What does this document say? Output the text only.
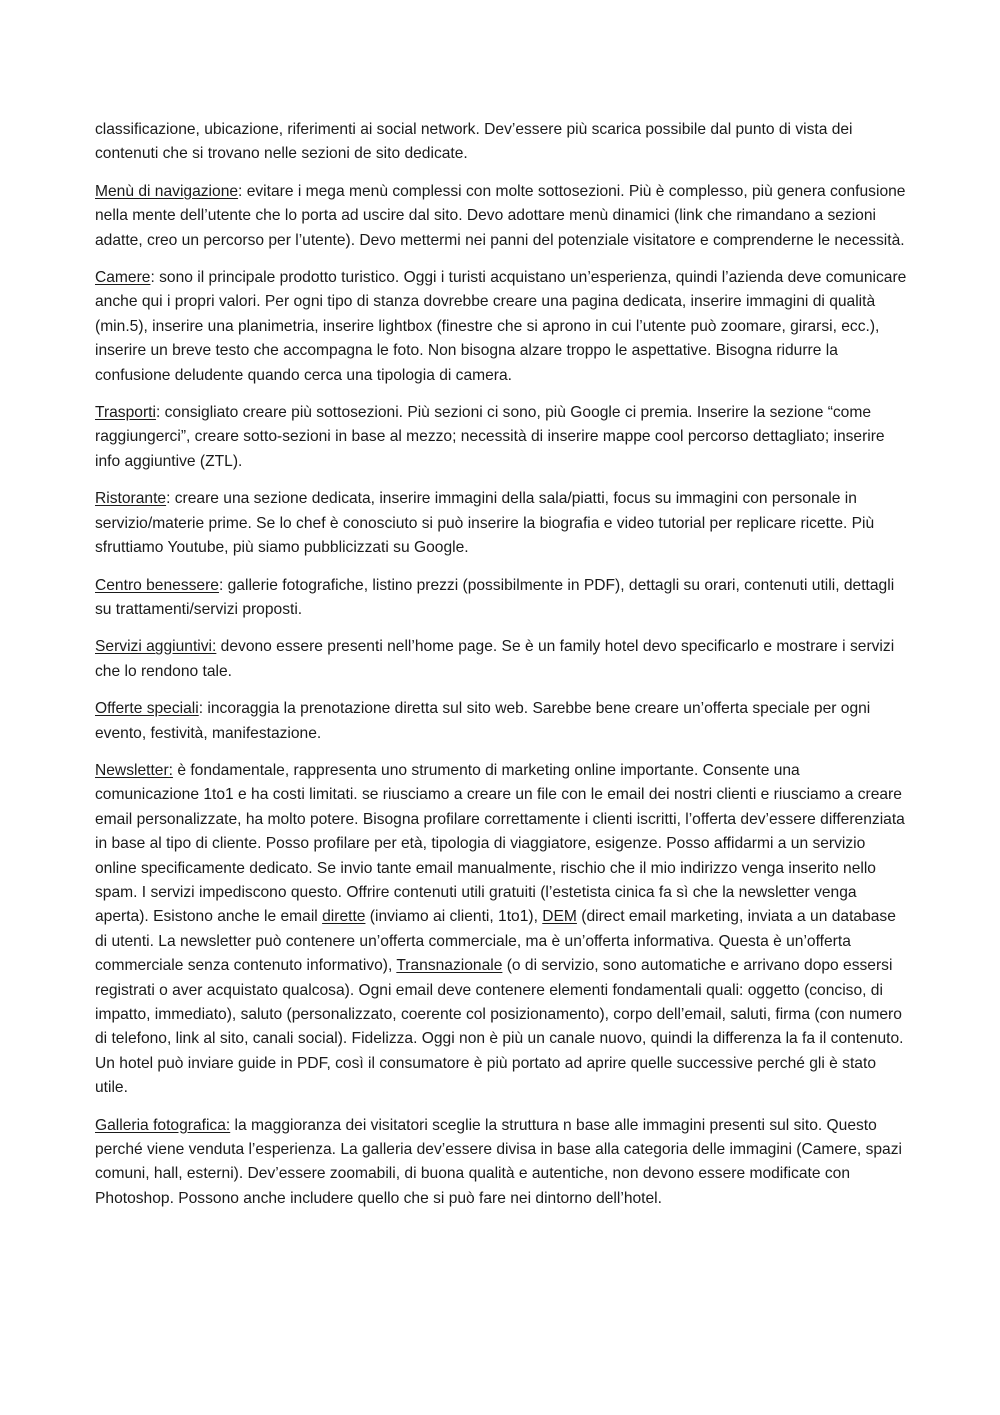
classificazione, ubicazione, riferimenti ai social network. Dev’essere più scarica possibile dal punto di vista dei contenuti che si trovano nelle sezioni de sito dedicate.

Menù di navigazione: evitare i mega menù complessi con molte sottosezioni. Più è complesso, più genera confusione nella mente dell’utente che lo porta ad uscire dal sito. Devo adottare menù dinamici (link che rimandano a sezioni adatte, creo un percorso per l’utente). Devo mettermi nei panni del potenziale visitatore e comprenderne le necessità.

Camere: sono il principale prodotto turistico. Oggi i turisti acquistano un’esperienza, quindi l’azienda deve comunicare anche qui i propri valori. Per ogni tipo di stanza dovrebbe creare una pagina dedicata, inserire immagini di qualità (min.5), inserire una planimetria, inserire lightbox (finestre che si aprono in cui l’utente può zoomare, girarsi, ecc.), inserire un breve testo che accompagna le foto. Non bisogna alzare troppo le aspettative. Bisogna ridurre la confusione deludente quando cerca una tipologia di camera.

Trasporti: consigliato creare più sottosezioni. Più sezioni ci sono, più Google ci premia. Inserire la sezione “come raggiungerci”, creare sotto-sezioni in base al mezzo; necessità di inserire mappe cool percorso dettagliato; inserire info aggiuntive (ZTL).

Ristorante: creare una sezione dedicata, inserire immagini della sala/piatti, focus su immagini con personale in servizio/materie prime. Se lo chef è conosciuto si può inserire la biografia e video tutorial per replicare ricette. Più sfruttiamo Youtube, più siamo pubblicizzati su Google.

Centro benessere: gallerie fotografiche, listino prezzi (possibilmente in PDF), dettagli su orari, contenuti utili, dettagli su trattamenti/servizi proposti.

Servizi aggiuntivi: devono essere presenti nell’home page. Se è un family hotel devo specificarlo e mostrare i servizi che lo rendono tale.

Offerte speciali: incoraggia la prenotazione diretta sul sito web. Sarebbe bene creare un’offerta speciale per ogni evento, festività, manifestazione.

Newsletter: è fondamentale, rappresenta uno strumento di marketing online importante. Consente una comunicazione 1to1 e ha costi limitati. se riusciamo a creare un file con le email dei nostri clienti e riusciamo a creare email personalizzate, ha molto potere. Bisogna profilare correttamente i clienti iscritti, l’offerta dev’essere differenziata in base al tipo di cliente. Posso profilare per età, tipologia di viaggiatore, esigenze. Posso affidarmi a un servizio online specificamente dedicato. Se invio tante email manualmente, rischio che il mio indirizzo venga inserito nello spam. I servizi impediscono questo. Offrire contenuti utili gratuiti (l’estetista cinica fa sì che la newsletter venga aperta). Esistono anche le email dirette (inviamo ai clienti, 1to1), DEM (direct email marketing, inviata a un database di utenti. La newsletter può contenere un’offerta commerciale, ma è un’offerta informativa. Questa è un’offerta commerciale senza contenuto informativo), Transnazionale (o di servizio, sono automatiche e arrivano dopo essersi registrati o aver acquistato qualcosa). Ogni email deve contenere elementi fondamentali quali: oggetto (conciso, di impatto, immediato), saluto (personalizzato, coerente col posizionamento), corpo dell’email, saluti, firma (con numero di telefono, link al sito, canali social). Fidelizza. Oggi non è più un canale nuovo, quindi la differenza la fa il contenuto. Un hotel può inviare guide in PDF, così il consumatore è più portato ad aprire quelle successive perché gli è stato utile.

Galleria fotografica: la maggioranza dei visitatori sceglie la struttura n base alle immagini presenti sul sito. Questo perché viene venduta l’esperienza. La galleria dev’essere divisa in base alla categoria delle immagini (Camere, spazi comuni, hall, esterni). Dev’essere zoomabili, di buona qualità e autentiche, non devono essere modificate con Photoshop. Possono anche includere quello che si può fare nei dintorno dell’hotel.
